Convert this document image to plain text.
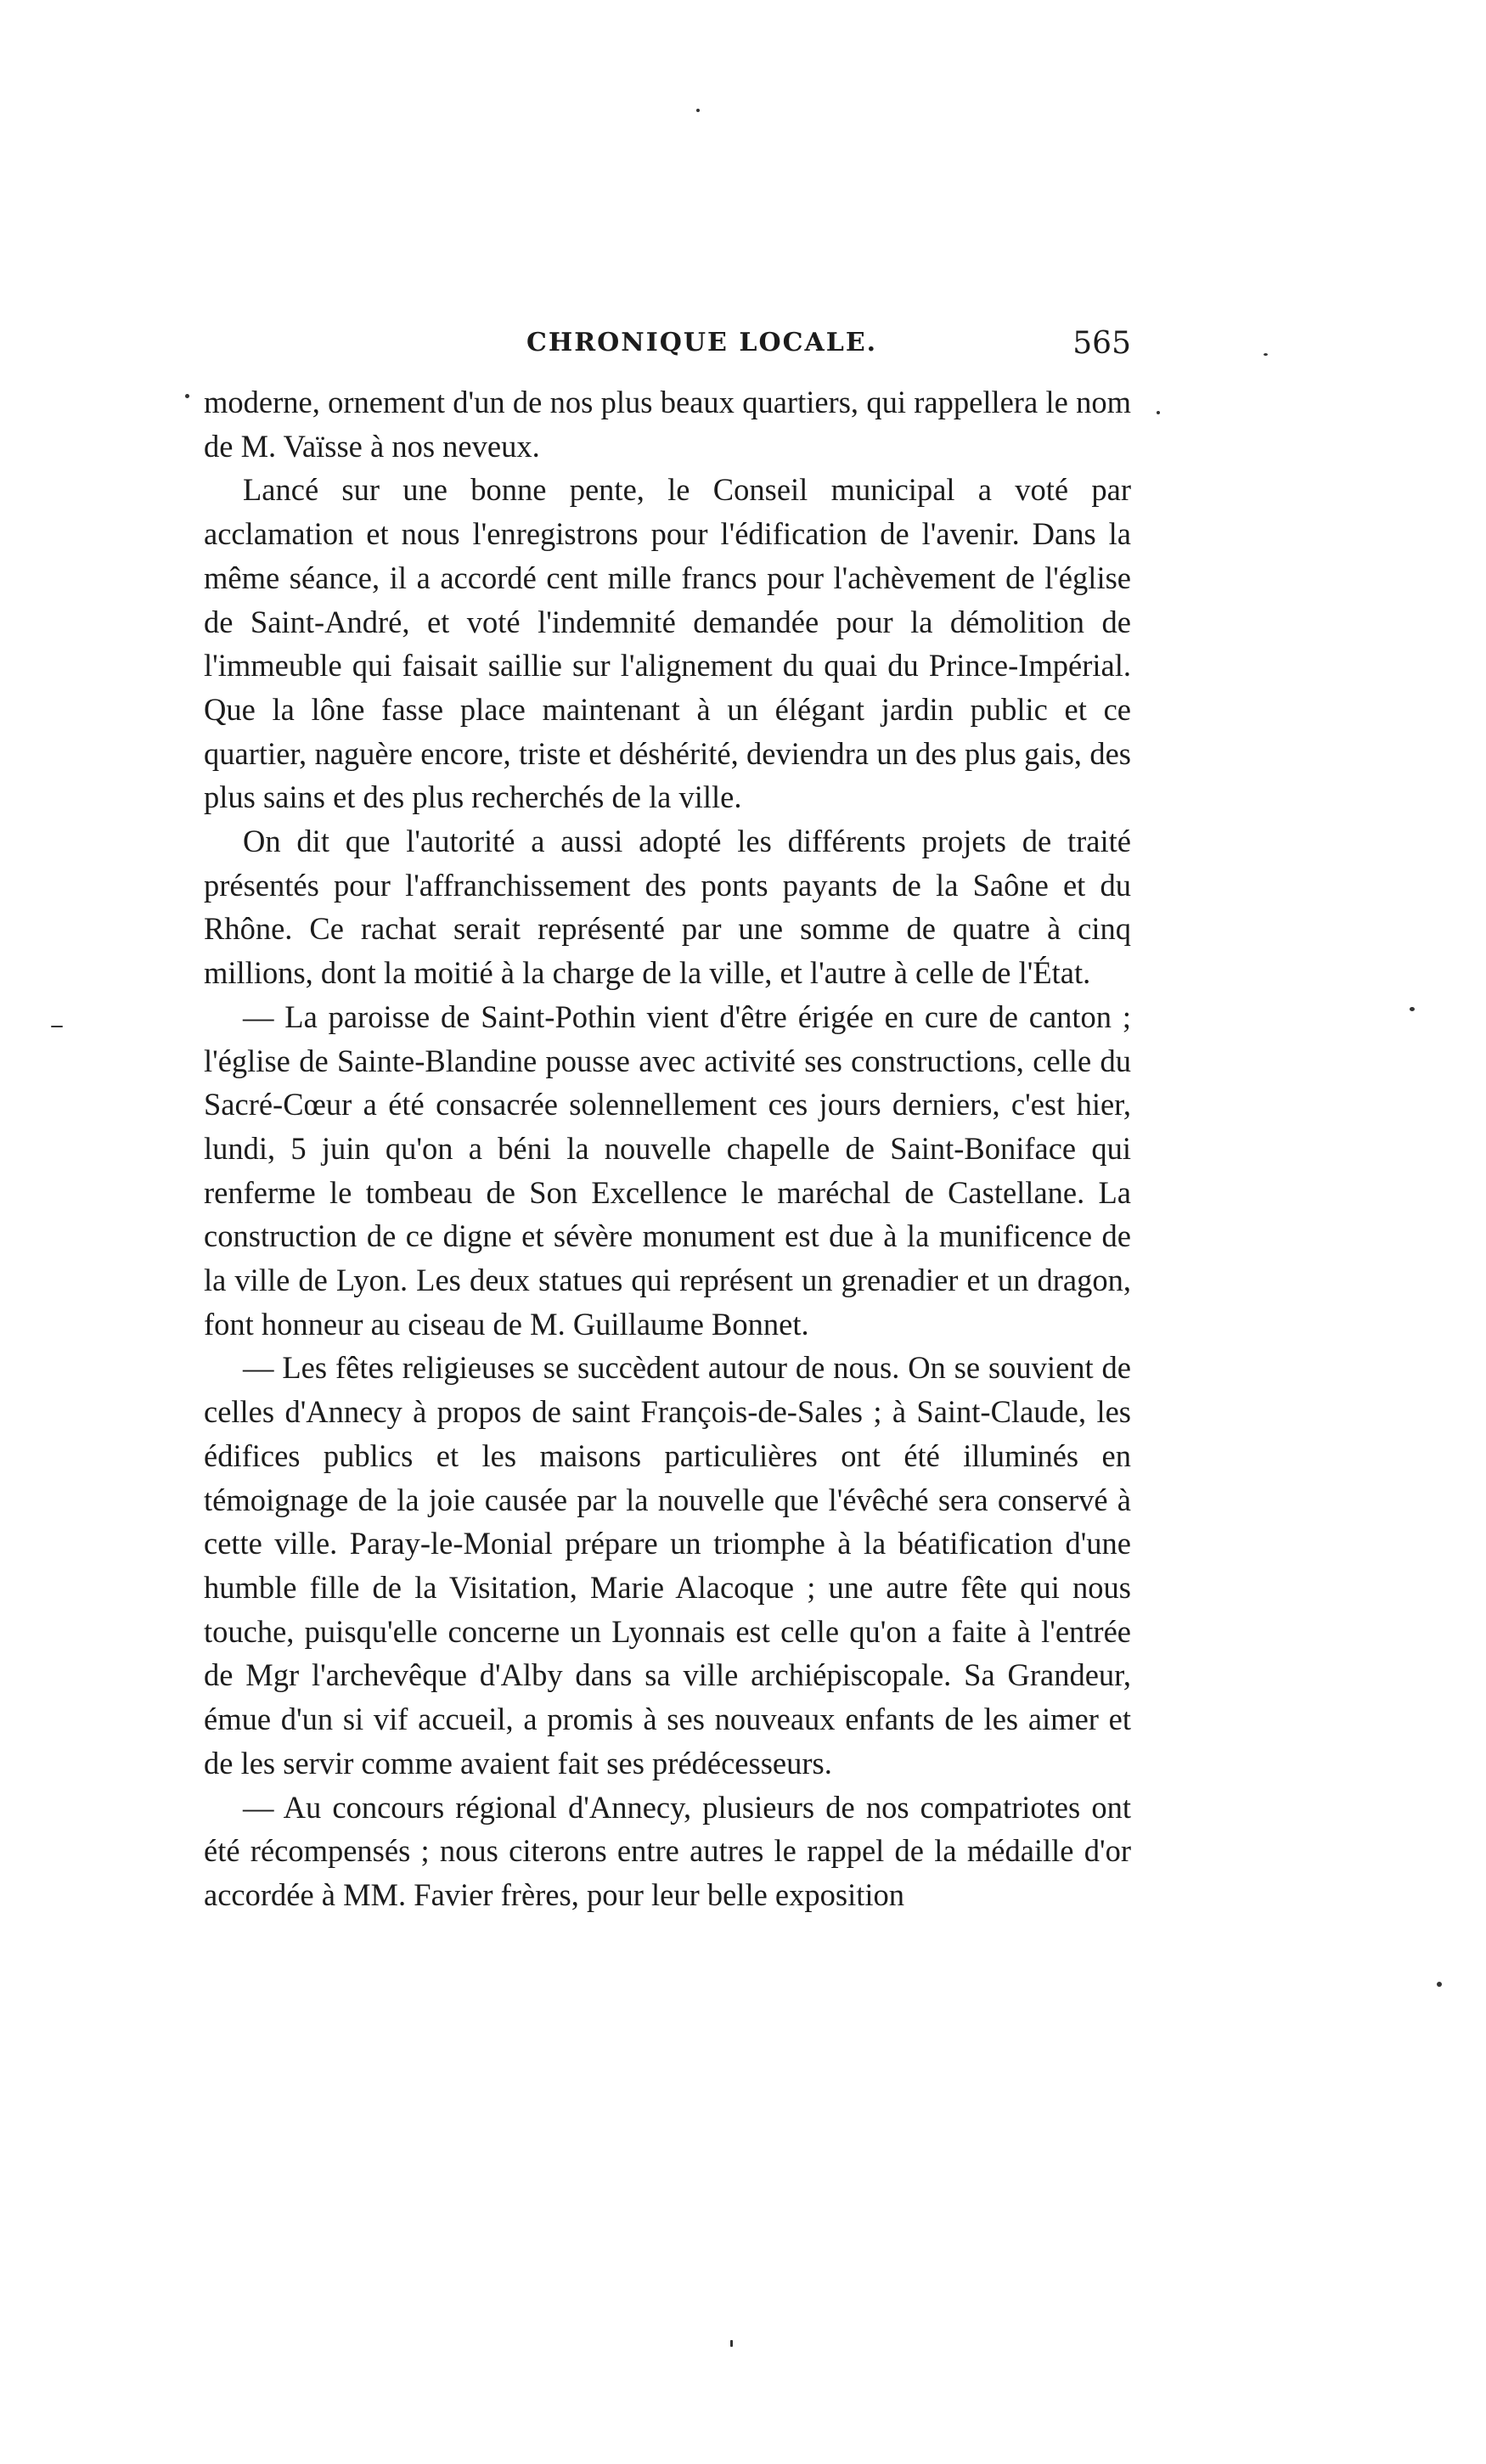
CHRONIQUE LOCALE.	565

moderne, ornement d'un de nos plus beaux quartiers, qui rappellera le nom de M. Vaïsse à nos neveux.

Lancé sur une bonne pente, le Conseil municipal a voté par acclamation et nous l'enregistrons pour l'édification de l'avenir. Dans la même séance, il a accordé cent mille francs pour l'achèvement de l'église de Saint-André, et voté l'indemnité demandée pour la démolition de l'immeuble qui faisait saillie sur l'alignement du quai du Prince-Impérial. Que la lône fasse place maintenant à un élégant jardin public et ce quartier, naguère encore, triste et déshérité, deviendra un des plus gais, des plus sains et des plus recherchés de la ville.

On dit que l'autorité a aussi adopté les différents projets de traité présentés pour l'affranchissement des ponts payants de la Saône et du Rhône. Ce rachat serait représenté par une somme de quatre à cinq millions, dont la moitié à la charge de la ville, et l'autre à celle de l'État.

— La paroisse de Saint-Pothin vient d'être érigée en cure de canton ; l'église de Sainte-Blandine pousse avec activité ses constructions, celle du Sacré-Cœur a été consacrée solennellement ces jours derniers, c'est hier, lundi, 5 juin qu'on a béni la nouvelle chapelle de Saint-Boniface qui renferme le tombeau de Son Excellence le maréchal de Castellane. La construction de ce digne et sévère monument est due à la munificence de la ville de Lyon. Les deux statues qui représent un grenadier et un dragon, font honneur au ciseau de M. Guillaume Bonnet.

— Les fêtes religieuses se succèdent autour de nous. On se souvient de celles d'Annecy à propos de saint François-de-Sales ; à Saint-Claude, les édifices publics et les maisons particulières ont été illuminés en témoignage de la joie causée par la nouvelle que l'évêché sera conservé à cette ville. Paray-le-Monial prépare un triomphe à la béatification d'une humble fille de la Visitation, Marie Alacoque ; une autre fête qui nous touche, puisqu'elle concerne un Lyonnais est celle qu'on a faite à l'entrée de Mgr l'archevêque d'Alby dans sa ville archiépiscopale. Sa Grandeur, émue d'un si vif accueil, a promis à ses nouveaux enfants de les aimer et de les servir comme avaient fait ses prédécesseurs.

— Au concours régional d'Annecy, plusieurs de nos compatriotes ont été récompensés ; nous citerons entre autres le rappel de la médaille d'or accordée à MM. Favier frères, pour leur belle exposition
